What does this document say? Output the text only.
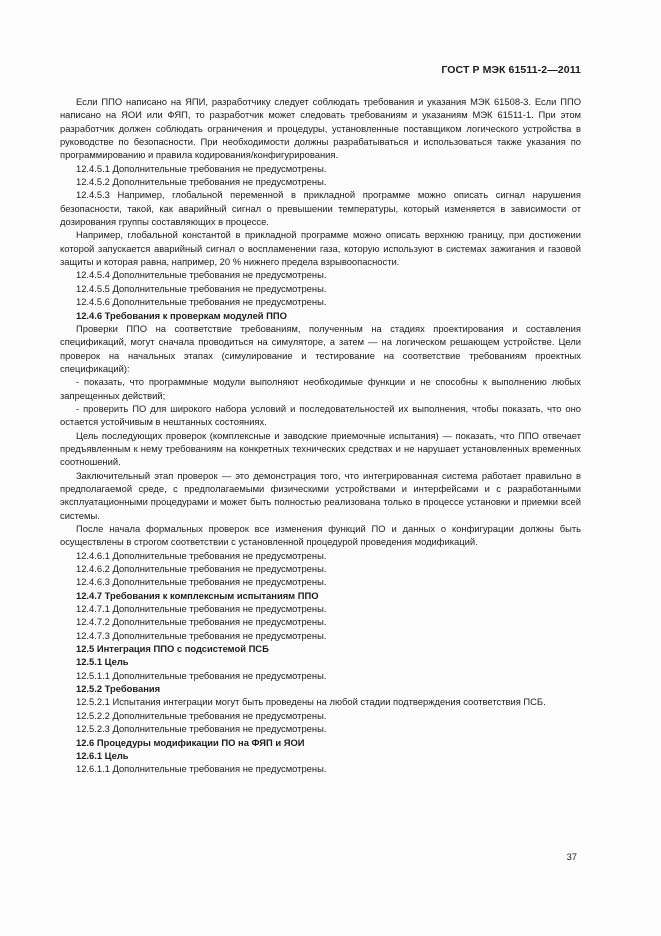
ГОСТ Р МЭК 61511-2—2011

Если ППО написано на ЯПИ, разработчику следует соблюдать требования и указания МЭК 61508-3. Если ППО написано на ЯОИ или ФЯП, то разработчик может следовать требованиям и указаниям МЭК 61511-1. При этом разработчик должен соблюдать ограничения и процедуры, установленные поставщиком логического устройства в руководстве по безопасности. При необходимости должны разрабатываться и использоваться также указания по программированию и правила кодирования/конфигурирования.

12.4.5.1 Дополнительные требования не предусмотрены.

12.4.5.2 Дополнительные требования не предусмотрены.

12.4.5.3 Например, глобальной переменной в прикладной программе можно описать сигнал нарушения безопасности, такой, как аварийный сигнал о превышении температуры, который изменяется в зависимости от дозирования группы составляющих в процессе.

Например, глобальной константой в прикладной программе можно описать верхнюю границу, при достижении которой запускается аварийный сигнал о воспламенении газа, которую используют в системах зажигания и газовой защиты и которая равна, например, 20 % нижнего предела взрывоопасности.

12.4.5.4 Дополнительные требования не предусмотрены.

12.4.5.5 Дополнительные требования не предусмотрены.

12.4.5.6 Дополнительные требования не предусмотрены.

12.4.6 Требования к проверкам модулей ППО

Проверки ППО на соответствие требованиям, полученным на стадиях проектирования и составления спецификаций, могут сначала проводиться на симуляторе, а затем — на логическом решающем устройстве. Цели проверок на начальных этапах (симулирование и тестирование на соответствие требованиям проектных спецификаций):

- показать, что программные модули выполняют необходимые функции и не способны к выполнению любых запрещенных действий;

- проверить ПО для широкого набора условий и последовательностей их выполнения, чтобы показать, что оно остается устойчивым в нештанных состояниях.

Цель последующих проверок (комплексные и заводские приемочные испытания) — показать, что ППО отвечает предъявленным к нему требованиям на конкретных технических средствах и не нарушает установленных временных соотношений.

Заключительный этап проверок — это демонстрация того, что интегрированная система работает правильно в предполагаемой среде, с предполагаемыми физическими устройствами и интерфейсами и с разработанными эксплуатационными процедурами и может быть полностью реализована только в процессе установки и приемки всей системы.

После начала формальных проверок все изменения функций ПО и данных о конфигурации должны быть осуществлены в строгом соответствии с установленной процедурой проведения модификаций.

12.4.6.1 Дополнительные требования не предусмотрены.

12.4.6.2 Дополнительные требования не предусмотрены.

12.4.6.3 Дополнительные требования не предусмотрены.

12.4.7 Требования к комплексным испытаниям ППО

12.4.7.1 Дополнительные требования не предусмотрены.

12.4.7.2 Дополнительные требования не предусмотрены.

12.4.7.3 Дополнительные требования не предусмотрены.

12.5 Интеграция ППО с подсистемой ПСБ

12.5.1 Цель

12.5.1.1 Дополнительные требования не предусмотрены.

12.5.2 Требования

12.5.2.1 Испытания интеграции могут быть проведены на любой стадии подтверждения соответствия ПСБ.

12.5.2.2 Дополнительные требования не предусмотрены.

12.5.2.3 Дополнительные требования не предусмотрены.

12.6 Процедуры модификации ПО на ФЯП и ЯОИ

12.6.1 Цель

12.6.1.1 Дополнительные требования не предусмотрены.

37
